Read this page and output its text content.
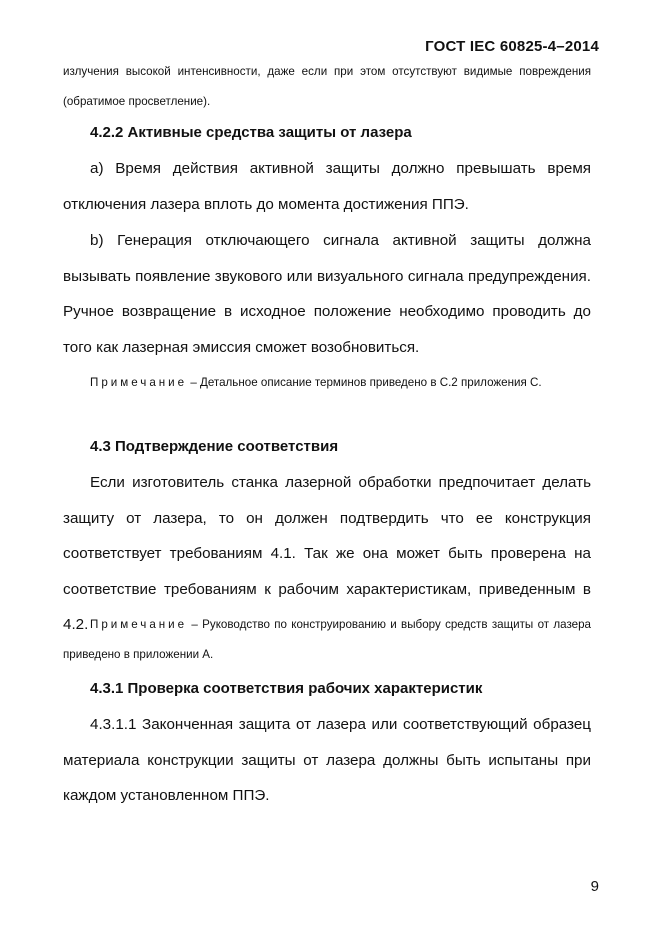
ГОСТ IEC 60825-4–2014

излучения высокой интенсивности, даже если при этом отсутствуют видимые повреждения (обратимое просветление).

4.2.2 Активные средства защиты от лазера

a) Время действия активной защиты должно превышать время отключения лазера вплоть до момента достижения ППЭ.

b) Генерация отключающего сигнала активной защиты должна вызывать появление звукового или визуального сигнала предупреждения. Ручное возвращение в исходное положение необходимо проводить до того как лазерная эмиссия сможет возобновиться.

Примечание – Детальное описание терминов приведено в С.2 приложения С.

4.3 Подтверждение соответствия

Если изготовитель станка лазерной обработки предпочитает делать защиту от лазера, то он должен подтвердить что ее конструкция соответствует требованиям 4.1. Так же она может быть проверена на соответствие требованиям к рабочим характеристикам, приведенным в 4.2. Примечание – Руководство по конструированию и выбору средств защиты от лазера приведено в приложении А.

4.3.1 Проверка соответствия рабочих характеристик

4.3.1.1 Законченная защита от лазера или соответствующий образец материала конструкции защиты от лазера должны быть испытаны при каждом установленном ППЭ.

9
